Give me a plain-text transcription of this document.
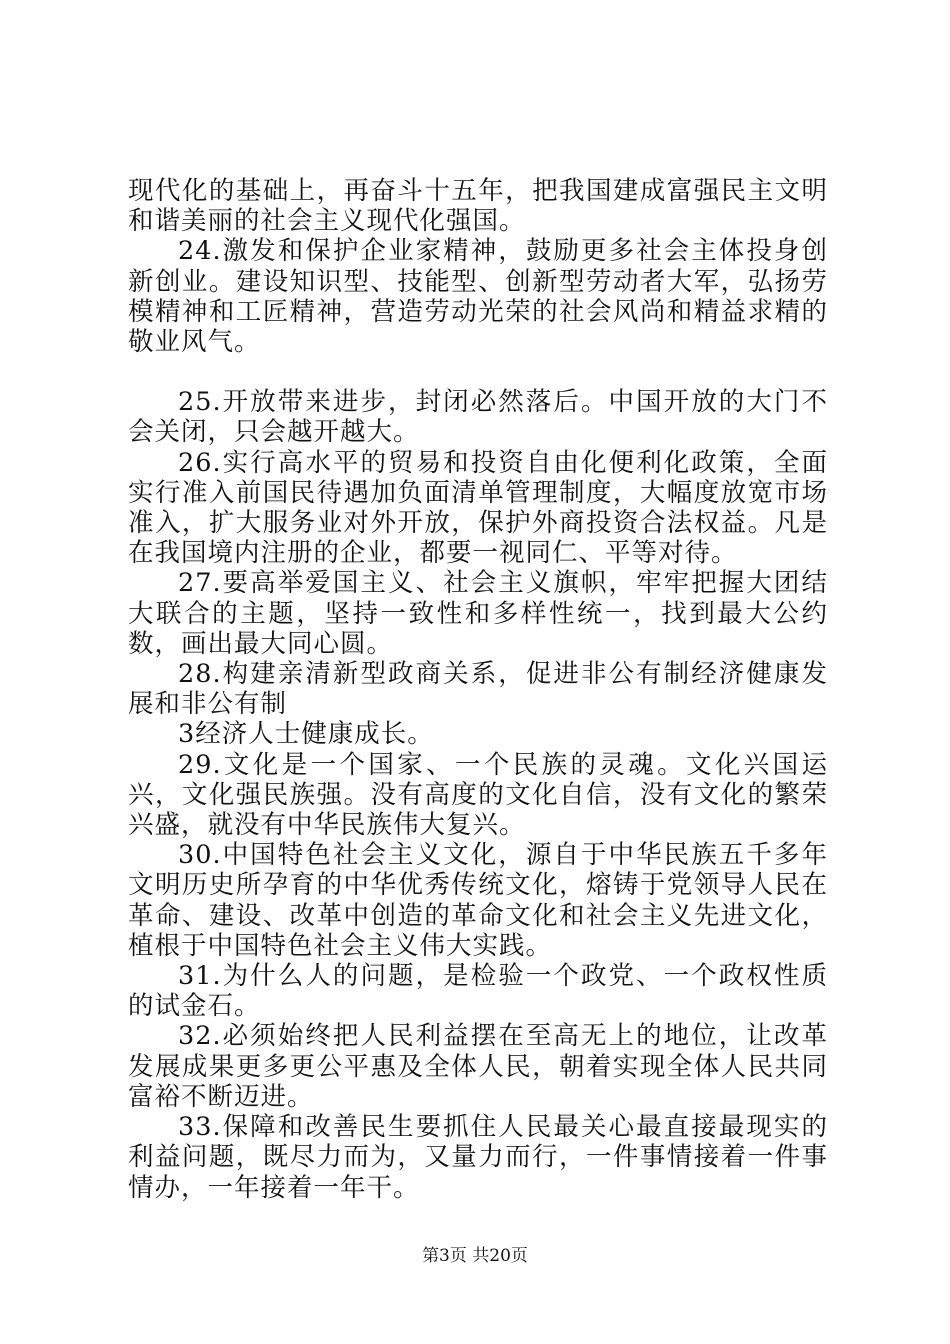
现代化的基础上，再奋斗十五年，把我国建成富强民主文明和谐美丽的社会主义现代化强国。

24.激发和保护企业家精神，鼓励更多社会主体投身创新创业。建设知识型、技能型、创新型劳动者大军，弘扬劳模精神和工匠精神，营造劳动光荣的社会风尚和精益求精的敬业风气。

25.开放带来进步，封闭必然落后。中国开放的大门不会关闭，只会越开越大。

26.实行高水平的贸易和投资自由化便利化政策，全面实行准入前国民待遇加负面清单管理制度，大幅度放宽市场准入，扩大服务业对外开放，保护外商投资合法权益。凡是在我国境内注册的企业，都要一视同仁、平等对待。

27.要高举爱国主义、社会主义旗帜，牢牢把握大团结大联合的主题，坚持一致性和多样性统一，找到最大公约数，画出最大同心圆。

28.构建亲清新型政商关系，促进非公有制经济健康发展和非公有制

3经济人士健康成长。

29.文化是一个国家、一个民族的灵魂。文化兴国运兴，文化强民族强。没有高度的文化自信，没有文化的繁荣兴盛，就没有中华民族伟大复兴。

30.中国特色社会主义文化，源自于中华民族五千多年文明历史所孕育的中华优秀传统文化，熔铸于党领导人民在革命、建设、改革中创造的革命文化和社会主义先进文化，植根于中国特色社会主义伟大实践。

31.为什么人的问题，是检验一个政党、一个政权性质的试金石。

32.必须始终把人民利益摆在至高无上的地位，让改革发展成果更多更公平惠及全体人民，朝着实现全体人民共同富裕不断迈进。

33.保障和改善民生要抓住人民最关心最直接最现实的利益问题，既尽力而为，又量力而行，一件事情接着一件事情办，一年接着一年干。

第3页 共20页
